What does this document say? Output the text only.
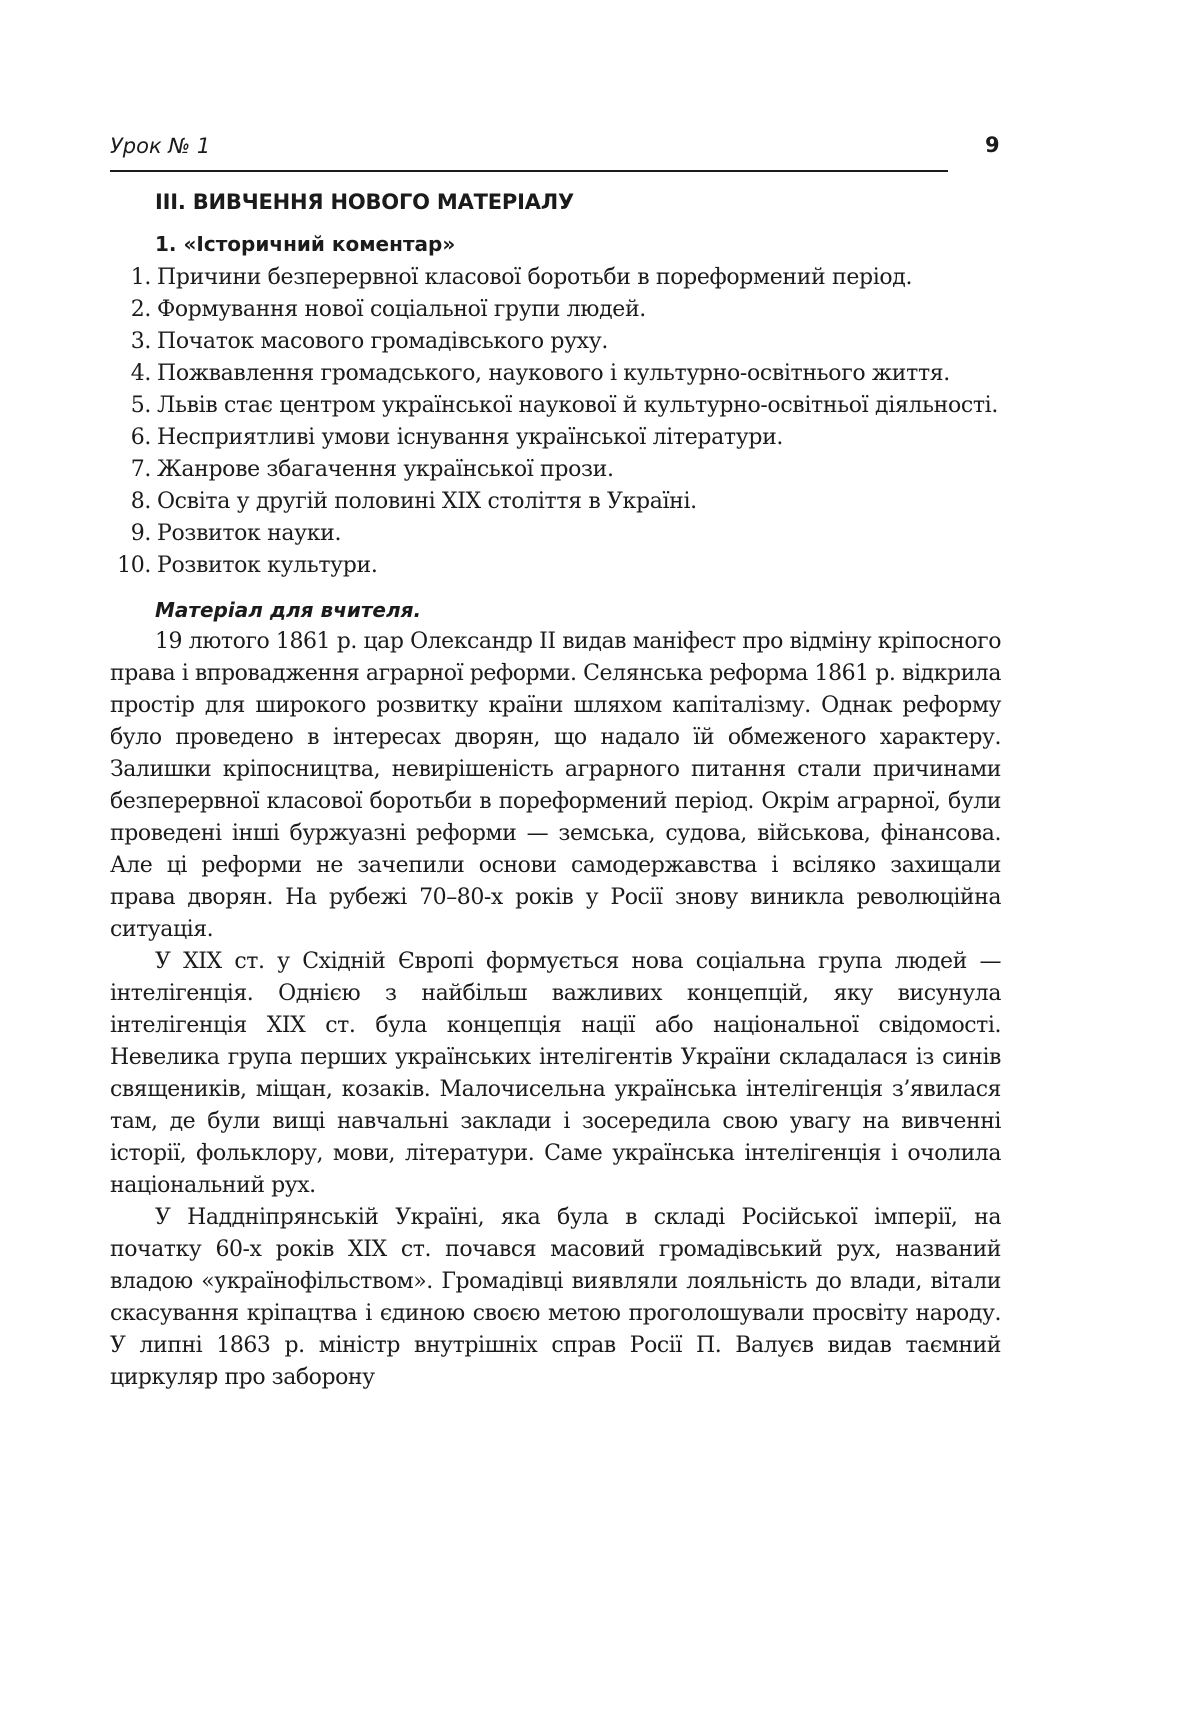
Урок № 1	9
ІІІ. ВИВЧЕННЯ НОВОГО МАТЕРІАЛУ
1. «Історичний коментар»
1. Причини безперервної класової боротьби в пореформений період.
2. Формування нової соціальної групи людей.
3. Початок масового громадівського руху.
4. Пожвавлення громадського, наукового і культурно-освітнього життя.
5. Львів стає центром української наукової й культурно-освітньої діяльності.
6. Несприятливі умови існування української літератури.
7. Жанрове збагачення української прози.
8. Освіта у другій половині XIX століття в Україні.
9. Розвиток науки.
10. Розвиток культури.
Матеріал для вчителя.

19 лютого 1861 р. цар Олександр II видав маніфест про відміну кріпосного права і впровадження аграрної реформи. Селянська реформа 1861 р. відкрила простір для широкого розвитку країни шляхом капіталізму. Однак реформу було проведено в інтересах дворян, що надало їй обмеженого характеру. Залишки кріпосництва, невирішеність аграрного питання стали причинами безперервної класової боротьби в пореформений період. Окрім аграрної, були проведені інші буржуазні реформи — земська, судова, військова, фінансова. Але ці реформи не зачепили основи самодержавства і всіляко захищали права дворян. На рубежі 70–80-х років у Росії знову виникла революційна ситуація.

У XIX ст. у Східній Європі формується нова соціальна група людей — інтелігенція. Однією з найбільш важливих концепцій, яку висунула інтелігенція XIX ст. була концепція нації або національної свідомості. Невелика група перших українських інтелігентів України складалася із синів священиків, міщан, козаків. Малочисельна українська інтелігенція з’явилася там, де були вищі навчальні заклади і зосередила свою увагу на вивченні історії, фольклору, мови, літератури. Саме українська інтелігенція і очолила національний рух.

У Наддніпрянській Україні, яка була в складі Російської імперії, на початку 60-х років XIX ст. почався масовий громадівський рух, названий владою «українофільством». Громадівці виявляли лояльність до влади, вітали скасування кріпацтва і єдиною своєю метою проголошували просвіту народу. У липні 1863 р. міністр внутрішніх справ Росії П. Валуєв видав таємний циркуляр про заборону
